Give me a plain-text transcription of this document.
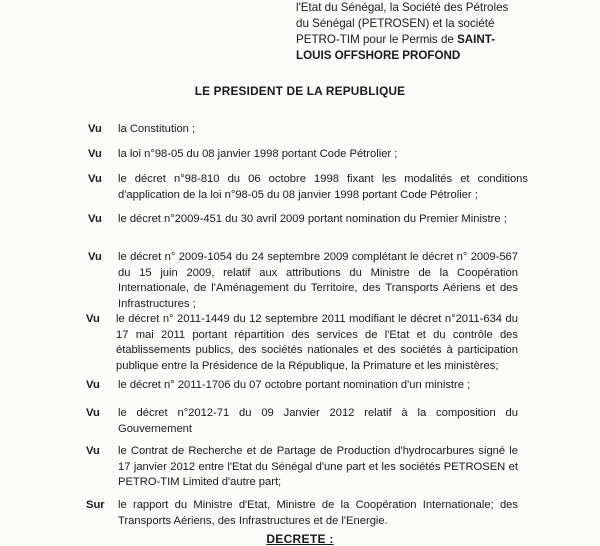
l'Etat du Sénégal, la Société des Pétroles
du Sénégal (PETROSEN) et la société
PETRO-TIM pour le Permis de SAINT-
LOUIS OFFSHORE PROFOND
LE PRESIDENT DE LA REPUBLIQUE
Vu	la Constitution ;
Vu	la loi n°98-05 du 08 janvier 1998 portant Code Pétrolier ;
Vu	le décret n°98-810 du 06 octobre 1998 fixant les modalités et conditions d'application de la loi n°98-05 du 08 janvier 1998 portant Code Pétrolier ;
Vu	le décret n°2009-451 du 30 avril 2009 portant nomination du Premier Ministre ;
Vu	le décret n° 2009-1054 du 24 septembre 2009 complétant le décret n° 2009-567 du 15 juin 2009, relatif aux attributions du Ministre de la Coopération Internationale, de l'Aménagement du Territoire, des Transports Aériens et des Infrastructures ;
Vu	le décret n° 2011-1449 du 12 septembre 2011 modifiant le décret n°2011-634 du 17 mai 2011 portant répartition des services de l'Etat et du contrôle des établissements publics, des sociétés nationales et des sociétés à participation publique entre la Présidence de la République, la Primature et les ministères;
Vu	le décret n° 2011-1706 du 07 octobre portant nomination d'un ministre ;
Vu	le décret n°2012-71 du 09 Janvier 2012 relatif à la composition du Gouvernement
Vu	le Contrat de Recherche et de Partage de Production d'hydrocarbures signé le 17 janvier 2012 entre l'Etat du Sénégal d'une part et les sociétés PETROSEN et PETRO-TIM Limited d'autre part;
Sur	le rapport du Ministre d'Etat, Ministre de la Coopération Internationale; des Transports Aériens, des Infrastructures et de l'Energie.
DECRETE :
